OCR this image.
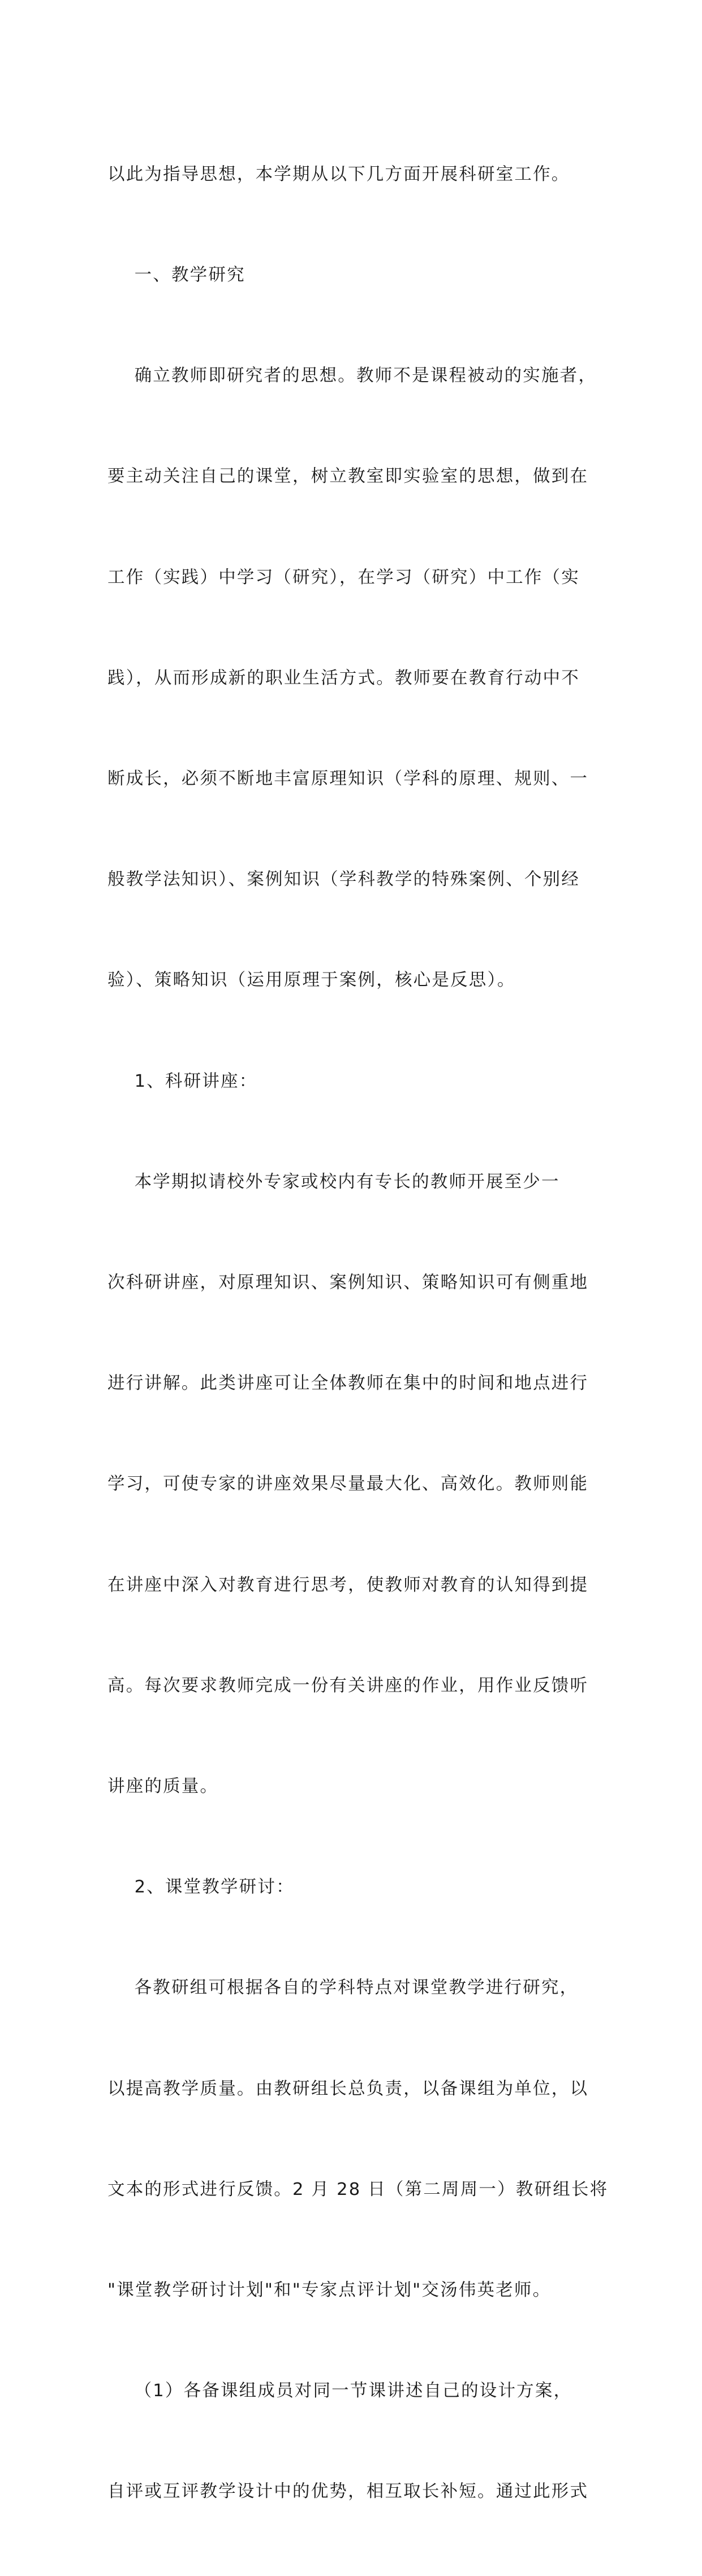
以此为指导思想，本学期从以下几方面开展科研室工作。

一、教学研究

确立教师即研究者的思想。教师不是课程被动的实施者，

要主动关注自己的课堂，树立教室即实验室的思想，做到在

工作（实践）中学习（研究），在学习（研究）中工作（实

践），从而形成新的职业生活方式。教师要在教育行动中不

断成长，必须不断地丰富原理知识（学科的原理、规则、一

般教学法知识）、案例知识（学科教学的特殊案例、个别经

验）、策略知识（运用原理于案例，核心是反思）。

1、科研讲座：

本学期拟请校外专家或校内有专长的教师开展至少一

次科研讲座，对原理知识、案例知识、策略知识可有侧重地

进行讲解。此类讲座可让全体教师在集中的时间和地点进行

学习，可使专家的讲座效果尽量最大化、高效化。教师则能

在讲座中深入对教育进行思考，使教师对教育的认知得到提

高。每次要求教师完成一份有关讲座的作业，用作业反馈听

讲座的质量。

2、课堂教学研讨：

各教研组可根据各自的学科特点对课堂教学进行研究，

以提高教学质量。由教研组长总负责，以备课组为单位，以

文本的形式进行反馈。2 月 28 日（第二周周一）教研组长将

"课堂教学研讨计划"和"专家点评计划"交汤伟英老师。

（1）各备课组成员对同一节课讲述自己的设计方案，

自评或互评教学设计中的优势，相互取长补短。通过此形式
